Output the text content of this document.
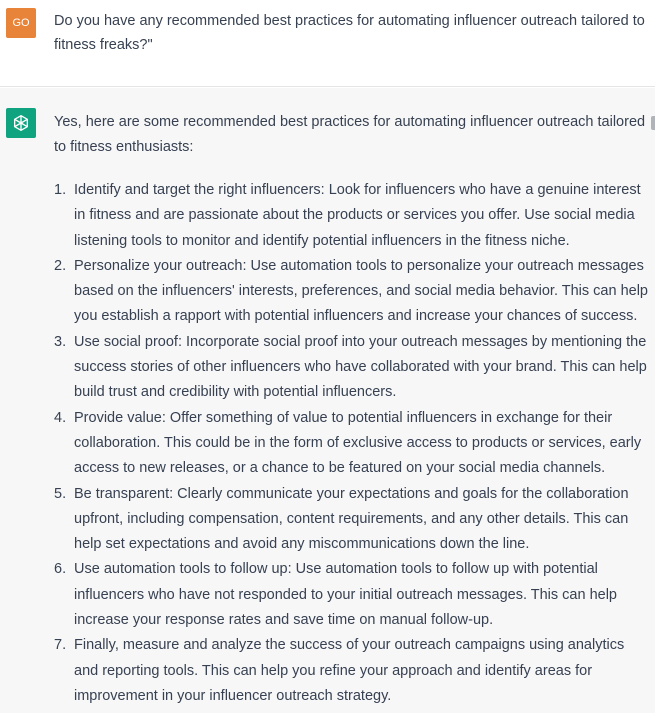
GO	Do you have any recommended best practices for automating influencer outreach tailored to fitness freaks?"
Yes, here are some recommended best practices for automating influencer outreach tailored to fitness enthusiasts:
1. Identify and target the right influencers: Look for influencers who have a genuine interest in fitness and are passionate about the products or services you offer. Use social media listening tools to monitor and identify potential influencers in the fitness niche.
2. Personalize your outreach: Use automation tools to personalize your outreach messages based on the influencers' interests, preferences, and social media behavior. This can help you establish a rapport with potential influencers and increase your chances of success.
3. Use social proof: Incorporate social proof into your outreach messages by mentioning the success stories of other influencers who have collaborated with your brand. This can help build trust and credibility with potential influencers.
4. Provide value: Offer something of value to potential influencers in exchange for their collaboration. This could be in the form of exclusive access to products or services, early access to new releases, or a chance to be featured on your social media channels.
5. Be transparent: Clearly communicate your expectations and goals for the collaboration upfront, including compensation, content requirements, and any other details. This can help set expectations and avoid any miscommunications down the line.
6. Use automation tools to follow up: Use automation tools to follow up with potential influencers who have not responded to your initial outreach messages. This can help increase your response rates and save time on manual follow-up.
7. Finally, measure and analyze the success of your outreach campaigns using analytics and reporting tools. This can help you refine your approach and identify areas for improvement in your influencer outreach strategy.
